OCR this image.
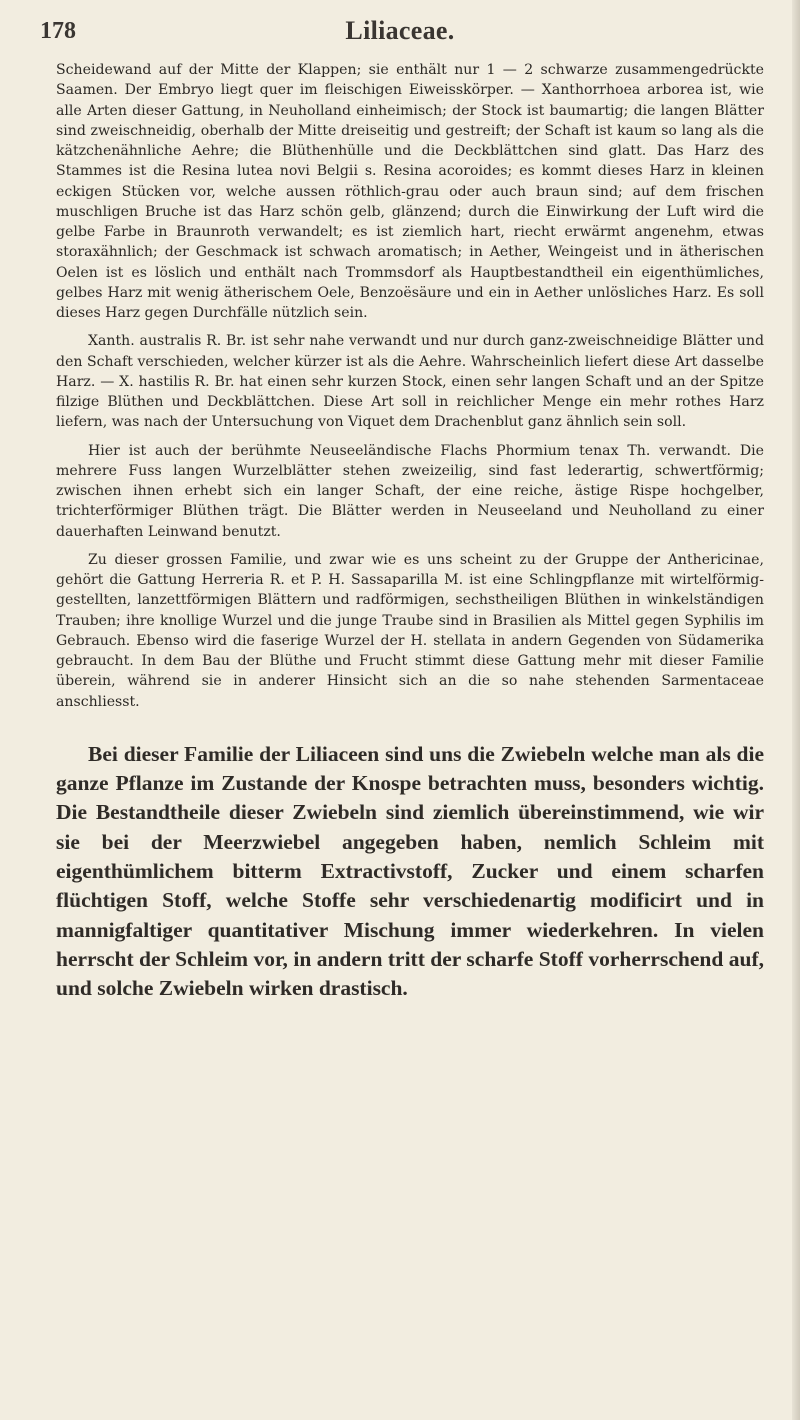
178	Liliaceae.

Scheidewand auf der Mitte der Klappen; sie enthält nur 1 — 2 schwarze zusammengedrückte Saamen. Der Embryo liegt quer im fleischigen Eiweisskörper. — Xanthorrhoea arborea ist, wie alle Arten dieser Gattung, in Neuholland einheimisch; der Stock ist baumartig; die langen Blätter sind zweischneidig, oberhalb der Mitte dreiseitig und gestreift; der Schaft ist kaum so lang als die kätzchenähnliche Aehre; die Blüthenhülle und die Deckblättchen sind glatt. Das Harz des Stammes ist die Resina lutea novi Belgii s. Resina acoroides; es kommt dieses Harz in kleinen eckigen Stücken vor, welche aussen röthlich-grau oder auch braun sind; auf dem frischen muschligen Bruche ist das Harz schön gelb, glänzend; durch die Einwirkung der Luft wird die gelbe Farbe in Braunroth verwandelt; es ist ziemlich hart, riecht erwärmt angenehm, etwas storaxähnlich; der Geschmack ist schwach aromatisch; in Aether, Weingeist und in ätherischen Oelen ist es löslich und enthält nach Trommsdorf als Hauptbestandtheil ein eigenthümliches, gelbes Harz mit wenig ätherischem Oele, Benzoësäure und ein in Aether unlösliches Harz. Es soll dieses Harz gegen Durchfälle nützlich sein.

Xanth. australis R. Br. ist sehr nahe verwandt und nur durch ganz-zweischneidige Blätter und den Schaft verschieden, welcher kürzer ist als die Aehre. Wahrscheinlich liefert diese Art dasselbe Harz. — X. hastilis R. Br. hat einen sehr kurzen Stock, einen sehr langen Schaft und an der Spitze filzige Blüthen und Deckblättchen. Diese Art soll in reichlicher Menge ein mehr rothes Harz liefern, was nach der Untersuchung von Viquet dem Drachenblut ganz ähnlich sein soll.

Hier ist auch der berühmte Neuseeländische Flachs Phormium tenax Th. verwandt. Die mehrere Fuss langen Wurzelblätter stehen zweizeilig, sind fast lederartig, schwertförmig; zwischen ihnen erhebt sich ein langer Schaft, der eine reiche, ästige Rispe hochgelber, trichterförmiger Blüthen trägt. Die Blätter werden in Neuseeland und Neuholland zu einer dauerhaften Leinwand benutzt.

Zu dieser grossen Familie, und zwar wie es uns scheint zu der Gruppe der Anthericinae, gehört die Gattung Herreria R. et P. H. Sassaparilla M. ist eine Schlingpflanze mit wirtelförmig-gestellten, lanzettförmigen Blättern und radförmigen, sechstheiligen Blüthen in winkelständigen Trauben; ihre knollige Wurzel und die junge Traube sind in Brasilien als Mittel gegen Syphilis im Gebrauch. Ebenso wird die faserige Wurzel der H. stellata in andern Gegenden von Südamerika gebraucht. In dem Bau der Blüthe und Frucht stimmt diese Gattung mehr mit dieser Familie überein, während sie in anderer Hinsicht sich an die so nahe stehenden Sarmentaceae anschliesst.

Bei dieser Familie der Liliaceen sind uns die Zwiebeln welche man als die ganze Pflanze im Zustande der Knospe betrachten muss, besonders wichtig. Die Bestandtheile dieser Zwiebeln sind ziemlich übereinstimmend, wie wir sie bei der Meerzwiebel angegeben haben, nemlich Schleim mit eigenthümlichem bitterm Extractivstoff, Zucker und einem scharfen flüchtigen Stoff, welche Stoffe sehr verschiedenartig modificirt und in mannigfaltiger quantitativer Mischung immer wiederkehren. In vielen herrscht der Schleim vor, in andern tritt der scharfe Stoff vorherrschend auf, und solche Zwiebeln wirken drastisch.
